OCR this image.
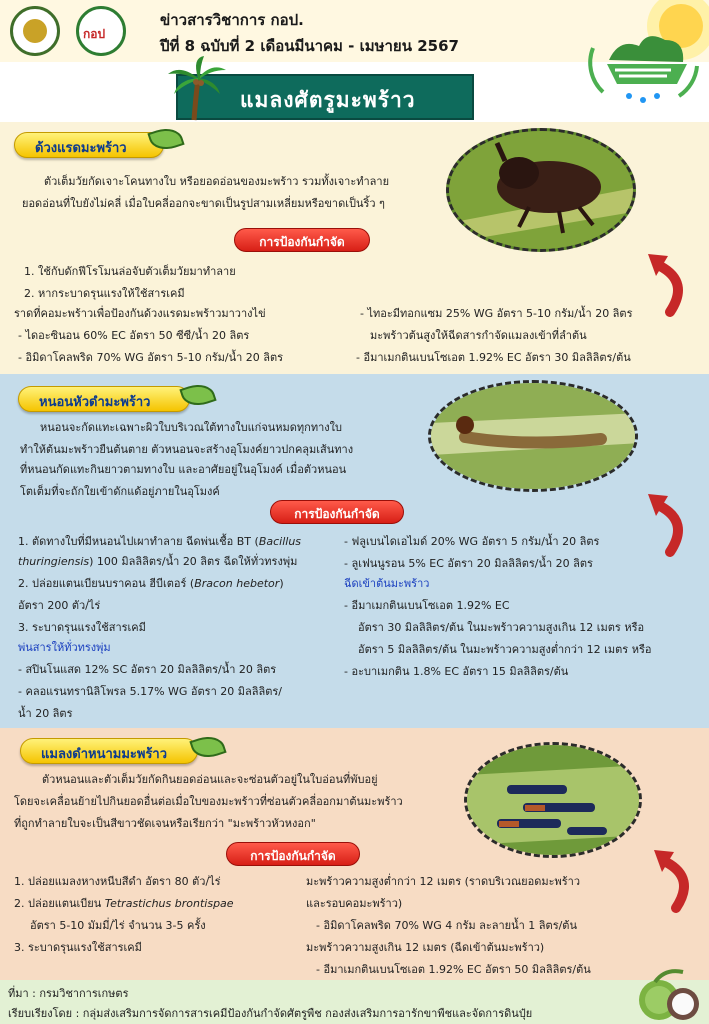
กอป
ข่าวสารวิชาการ กอป.
ปีที่ 8 ฉบับที่ 2 เดือนมีนาคม - เมษายน 2567
แมลงศัตรูมะพร้าว
ด้วงแรดมะพร้าว
ตัวเต็มวัยกัดเจาะโคนทางใบ หรือยอดอ่อนของมะพร้าว รวมทั้งเจาะทำลาย
ยอดอ่อนที่ใบยังไม่คลี่ เมื่อใบคลี่ออกจะขาดเป็นรูปสามเหลี่ยมหรือขาดเป็นริ้ว ๆ
การป้องกันกำจัด
1. ใช้กับดักฟีโรโมนล่อจับตัวเต็มวัยมาทำลาย
2. หากระบาดรุนแรงให้ใช้สารเคมี
ราดที่คอมะพร้าวเพื่อป้องกันด้วงแรดมะพร้าวมาวางไข่
- ไดอะซินอน 60% EC อัตรา 50 ซีซี/น้ำ 20 ลิตร
- อิมิดาโคลพริด 70% WG อัตรา 5-10 กรัม/น้ำ 20 ลิตร
- ไทอะมีทอกแซม 25% WG อัตรา 5-10 กรัม/น้ำ 20 ลิตร
มะพร้าวต้นสูงให้ฉีดสารกำจัดแมลงเข้าที่ลำต้น
- อีมาเมกตินเบนโซเอต 1.92% EC อัตรา 30 มิลลิลิตร/ต้น
หนอนหัวดำมะพร้าว
หนอนจะกัดแทะเฉพาะผิวใบบริเวณใต้ทางใบแก่จนหมดทุกทางใบ
ทำให้ต้นมะพร้าวยืนต้นตาย ตัวหนอนจะสร้างอุโมงค์ยาวปกคลุมเส้นทาง
ที่หนอนกัดแทะกินยาวตามทางใบ และอาศัยอยู่ในอุโมงค์ เมื่อตัวหนอน
โตเต็มที่จะถักใยเข้าดักแด้อยู่ภายในอุโมงค์
การป้องกันกำจัด
1. ตัดทางใบที่มีหนอนไปเผาทำลาย ฉีดพ่นเชื้อ BT (Bacillus
thuringiensis) 100 มิลลิลิตร/น้ำ 20 ลิตร ฉีดให้ทั่วทรงพุ่ม
2. ปล่อยแตนเบียนบราคอน ฮีบีเตอร์ (Bracon hebetor)
อัตรา 200 ตัว/ไร่
3. ระบาดรุนแรงใช้สารเคมี
พ่นสารให้ทั่วทรงพุ่ม
- สปินโนแสด 12% SC อัตรา 20 มิลลิลิตร/น้ำ 20 ลิตร
- คลอแรนทรานิลิโพรล 5.17% WG อัตรา 20 มิลลิลิตร/
น้ำ 20 ลิตร
- ฟลูเบนไดเอไมด์ 20% WG อัตรา 5 กรัม/น้ำ 20 ลิตร
- ลูเฟนนูรอน 5% EC อัตรา 20 มิลลิลิตร/น้ำ 20 ลิตร
ฉีดเข้าต้นมะพร้าว
- อีมาเมกตินเบนโซเอต 1.92% EC
อัตรา 30 มิลลิลิตร/ต้น ในมะพร้าวความสูงเกิน 12 เมตร หรือ
อัตรา 5 มิลลิลิตร/ต้น ในมะพร้าวความสูงต่ำกว่า 12 เมตร หรือ
- อะบาเมกติน 1.8% EC อัตรา 15 มิลลิลิตร/ต้น
แมลงดำหนามมะพร้าว
ตัวหนอนและตัวเต็มวัยกัดกินยอดอ่อนและจะซ่อนตัวอยู่ในใบอ่อนที่พับอยู่
โดยจะเคลื่อนย้ายไปกินยอดอื่นต่อเมื่อใบของมะพร้าวที่ซ่อนตัวคลี่ออกมาต้นมะพร้าว
ที่ถูกทำลายใบจะเป็นสีขาวชัดเจนหรือเรียกว่า "มะพร้าวหัวหงอก"
การป้องกันกำจัด
1. ปล่อยแมลงหางหนีบสีดำ อัตรา 80 ตัว/ไร่
2. ปล่อยแตนเบียน Tetrastichus brontispae
อัตรา 5-10 มัมมี่/ไร่ จำนวน 3-5 ครั้ง
3. ระบาดรุนแรงใช้สารเคมี
มะพร้าวความสูงต่ำกว่า 12 เมตร (ราดบริเวณยอดมะพร้าว
และรอบคอมะพร้าว)
- อิมิดาโคลพริด 70% WG 4 กรัม ละลายน้ำ 1 ลิตร/ต้น
มะพร้าวความสูงเกิน 12 เมตร (ฉีดเข้าต้นมะพร้าว)
- อีมาเมกตินเบนโซเอต 1.92% EC อัตรา 50 มิลลิลิตร/ต้น
ที่มา : กรมวิชาการเกษตร
เรียบเรียงโดย : กลุ่มส่งเสริมการจัดการสารเคมีป้องกันกำจัดศัตรูพืช กองส่งเสริมการอารักขาพืชและจัดการดินปุ๋ย
